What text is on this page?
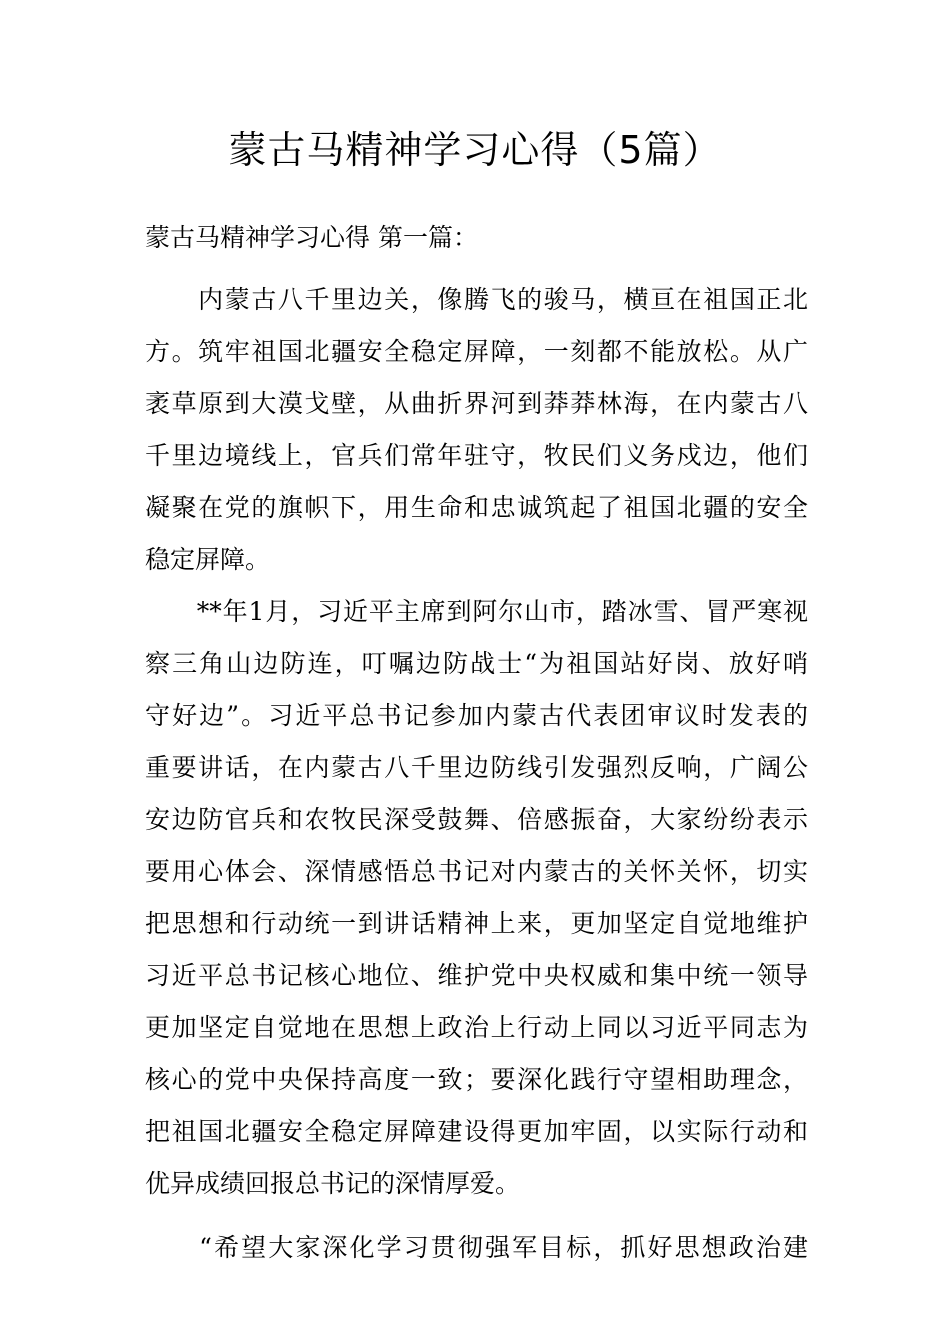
蒙古马精神学习心得（5篇）
蒙古马精神学习心得 第一篇：
　　内蒙古八千里边关，像腾飞的骏马，横亘在祖国正北
方。筑牢祖国北疆安全稳定屏障，一刻都不能放松。从广
袤草原到大漠戈壁，从曲折界河到莽莽林海，在内蒙古八
千里边境线上，官兵们常年驻守，牧民们义务戍边，他们
凝聚在党的旗帜下，用生命和忠诚筑起了祖国北疆的安全
稳定屏障。
　　**年1月，习近平主席到阿尔山市，踏冰雪、冒严寒视
察三角山边防连，叮嘱边防战士“为祖国站好岗、放好哨
守好边”。习近平总书记参加内蒙古代表团审议时发表的
重要讲话，在内蒙古八千里边防线引发强烈反响，广阔公
安边防官兵和农牧民深受鼓舞、倍感振奋，大家纷纷表示
要用心体会、深情感悟总书记对内蒙古的关怀关怀，切实
把思想和行动统一到讲话精神上来，更加坚定自觉地维护
习近平总书记核心地位、维护党中央权威和集中统一领导
更加坚定自觉地在思想上政治上行动上同以习近平同志为
核心的党中央保持高度一致；要深化践行守望相助理念，
把祖国北疆安全稳定屏障建设得更加牢固，以实际行动和
优异成绩回报总书记的深情厚爱。
　　“希望大家深化学习贯彻强军目标，抓好思想政治建
